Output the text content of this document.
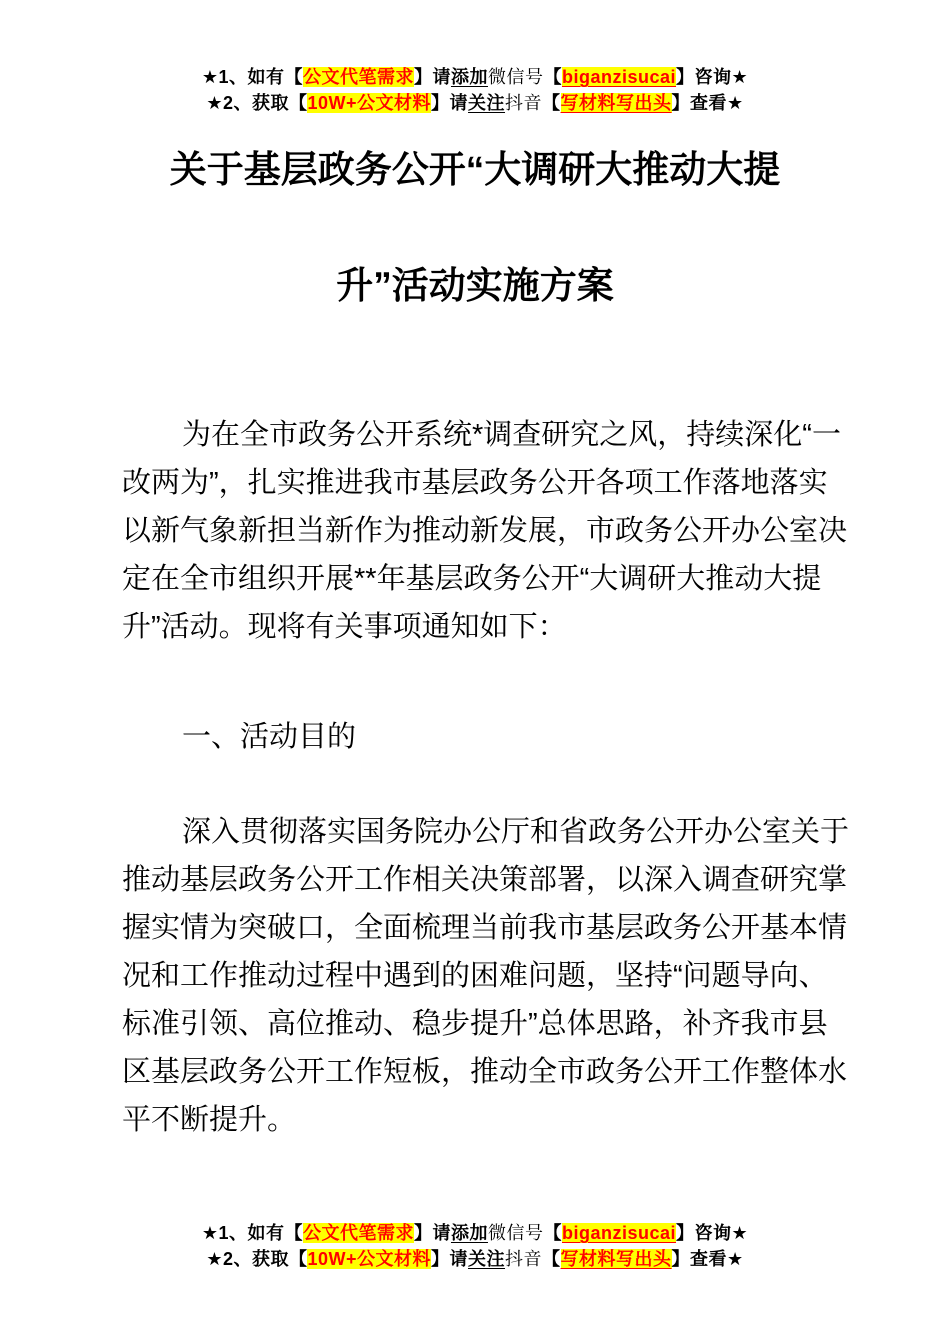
★1、如有【公文代笔需求】请添加微信号【biganzisucai】咨询★
★2、获取【10W+公文材料】请关注抖音【写材料写出头】查看★
关于基层政务公开“大调研大推动大提
升”活动实施方案
为在全市政务公开系统*调查研究之风，持续深化“一
改两为”，扎实推进我市基层政务公开各项工作落地落实
以新气象新担当新作为推动新发展，市政务公开办公室决
定在全市组织开展**年基层政务公开“大调研大推动大提
升”活动。现将有关事项通知如下：
一、活动目的
深入贯彻落实国务院办公厅和省政务公开办公室关于
推动基层政务公开工作相关决策部署，以深入调查研究掌
握实情为突破口，全面梳理当前我市基层政务公开基本情
况和工作推动过程中遇到的困难问题，坚持“问题导向、
标准引领、高位推动、稳步提升”总体思路，补齐我市县
区基层政务公开工作短板，推动全市政务公开工作整体水
平不断提升。
★1、如有【公文代笔需求】请添加微信号【biganzisucai】咨询★
★2、获取【10W+公文材料】请关注抖音【写材料写出头】查看★
